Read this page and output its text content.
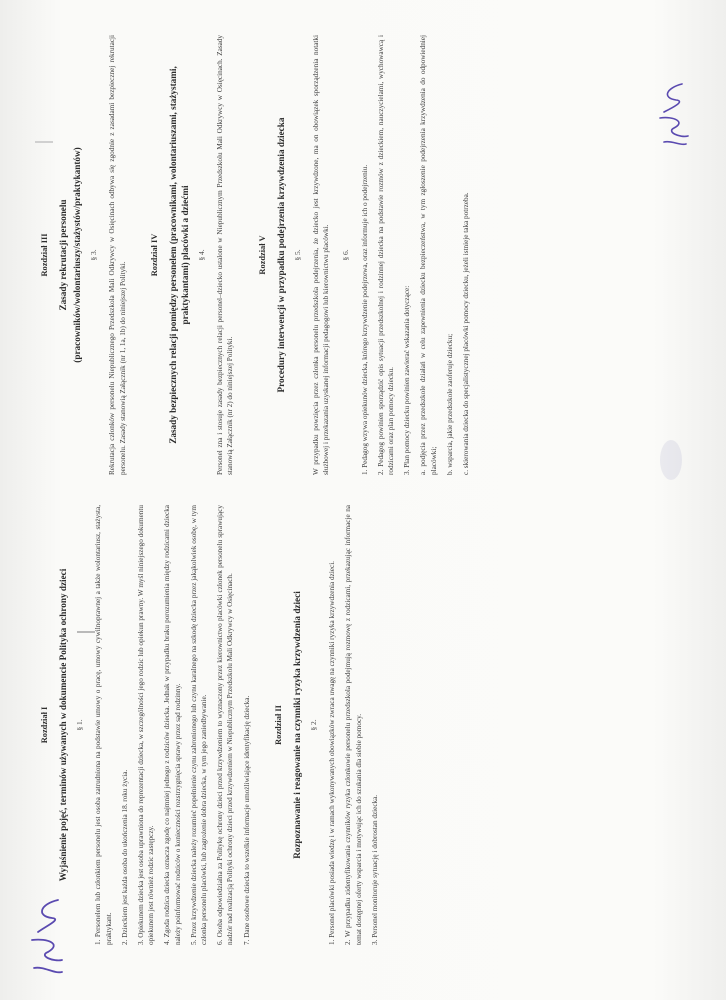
Rozdział I Wyjaśnienie pojęć, terminów używanych w dokumencie Polityka ochrony dzieci § 1. 1. Personelem lub członkiem personelu jest osoba zatrudniona na podstawie umowy o pracę, umowy cywilnoprawnej a także wolontariusz, stażysta, praktykant. 2. Dzieckiem jest każda osoba do ukończenia 18. roku życia. 3. Opiekunem dziecka jest osoba uprawniona do reprezentacji dziecka, w szczególności jego rodzic lub opiekun prawny. W myśl niniejszego dokumentu opiekunem jest również rodzic zastępczy. 4. Zgoda rodzica dziecka oznacza zgodę co najmniej jednego z rodziców dziecka. Jednak w przypadku braku porozumienia między rodzicami dziecka należy poinformować rodziców o konieczności rozstrzygnięcia sprawy przez sąd rodzinny. 5. Przez krzywdzenie dziecka należy rozumieć popełnienie czynu zabronionego lub czynu karalnego na szkodę dziecka przez jakąkolwiek osobę, w tym członka personelu placówki, lub zagrożenie dobra dziecka, w tym jego zaniedbywanie. 6. Osoba odpowiedzialna za Politykę ochrony dzieci przed krzywdzeniem to wyznaczony przez kierownictwo placówki członek personelu sprawujący nadzór nad realizacją Polityki ochrony dzieci przed krzywdzeniem w Niepublicznym Przedszkolu Mali Odkrywcy w Osięcinach. 7. Dane osobowe dziecka to wszelkie informacje umożliwiające identyfikację dziecka.	Rozdział II Rozpoznawanie i reagowanie na czynniki ryzyka krzywdzenia dzieci § 2. 1. Personel placówki posiada wiedzę i w ramach wykonywanych obowiązków zwraca uwagę na czynniki ryzyka krzywdzenia dzieci. 2. W przypadku zidentyfikowania czynników ryzyka członkowie personelu przedszkola podejmują rozmowę z rodzicami, przekazując informacje na temat dostępnej oferty wsparcia i motywując ich do szukania dla siebie pomocy. 3. Personel monitoruje sytuację i dobrostan dziecka.
Rozdział III Zasady rekrutacji personelu (pracowników/wolontariuszy/stażystów/praktykantów) § 3. Rekrutacja członków personelu Niepublicznego Przedszkola Mali Odkrywcy w Osięcinach odbywa się zgodnie z zasadami bezpiecznej rekrutacji personelu. Zasady stanowią Załącznik (nr 1, 1a, 1b) do niniejszej Polityki.
Rozdział IV Zasady bezpiecznych relacji pomiędzy personelem (pracownikami, wolontariuszami, stażystami, praktykantami) placówki a dziećmi § 4. Personel zna i stosuje zasady bezpiecznych relacji personel–dziecko ustalone w Niepublicznym Przedszkolu Mali Odkrywcy w Osięcinach. Zasady stanowią Załącznik (nr 2) do niniejszej Polityki.
Rozdział V Procedury interwencji w przypadku podejrzenia krzywdzenia dziecka § 5. W przypadku powzięcia przez członka personelu przedszkola podejrzenia, że dziecko jest krzywdzone, ma on obowiązek sporządzenia notatki służbowej i przekazania uzyskanej informacji pedagogowi lub kierownictwu placówki. § 6. 1. Pedagog wzywa opiekunów dziecka, którego krzywdzenie podejrzewa, oraz informuje ich o podejrzeniu. 2. Pedagog powinien sporządzić opis sytuacji przedszkolnej i rodzinnej dziecka na podstawie rozmów z dzieckiem, nauczycielami, wychowawcą i rodzicami oraz plan pomocy dziecku. 3. Plan pomocy dziecku powinien zawierać wskazania dotyczące: a. podjęcia przez przedszkole działań w celu zapewnienia dziecku bezpieczeństwa, w tym zgłoszenie podejrzenia krzywdzenia do odpowiedniej placówki; b. wsparcia, jakie przedszkole zaoferuje dziecku; c. skierowania dziecka do specjalistycznej placówki pomocy dziecku, jeżeli istnieje taka potrzeba.
